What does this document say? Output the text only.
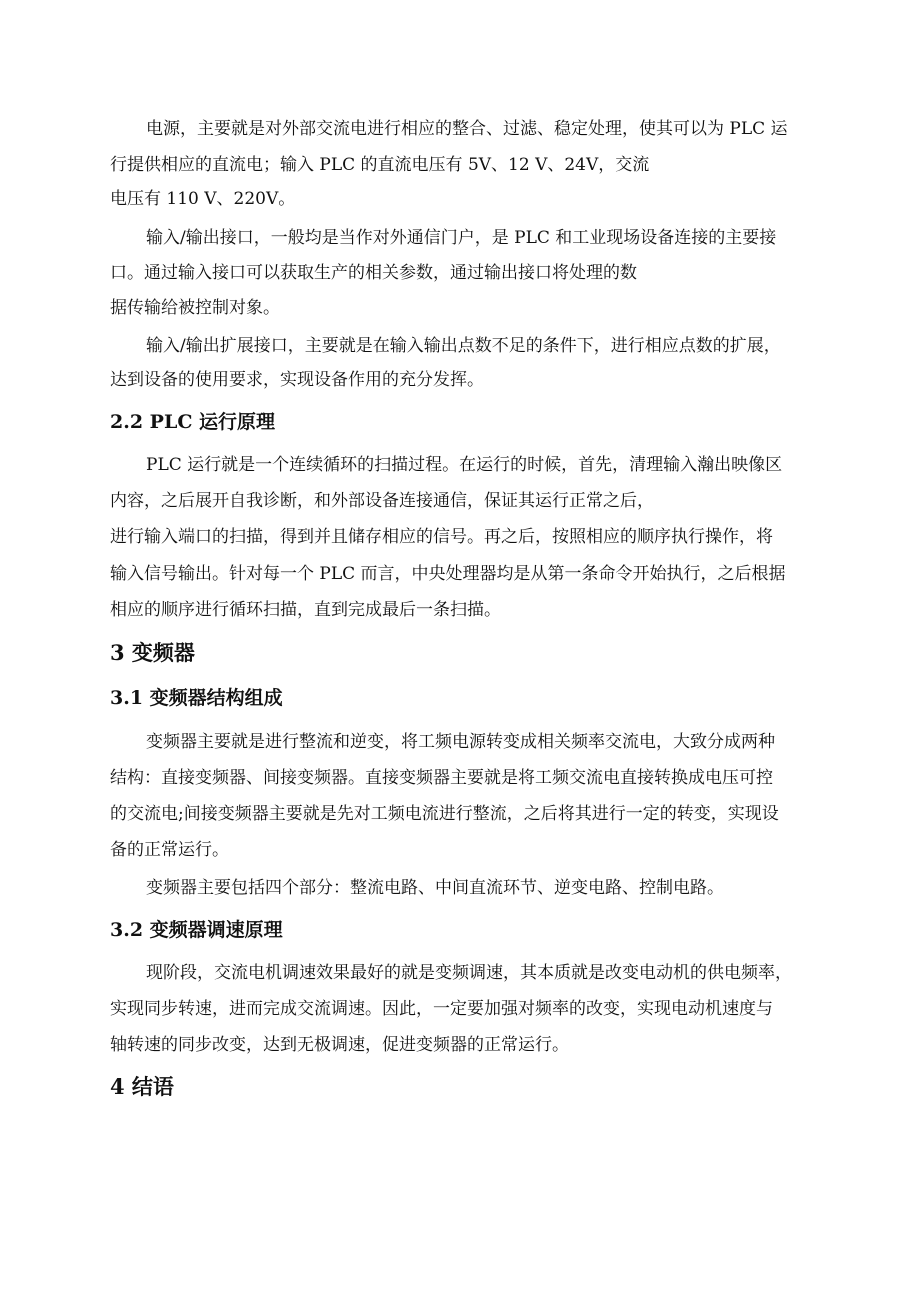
电源，主要就是对外部交流电进行相应的整合、过滤、稳定处理，使其可以为 PLC 运

行提供相应的直流电；输入 PLC 的直流电压有 5V、12 V、24V，交流

电压有 110 V、220V。

输入/输出接口，一般均是当作对外通信门户，是 PLC 和工业现场设备连接的主要接

口。通过输入接口可以获取生产的相关参数，通过输出接口将处理的数

据传输给被控制对象。

输入/输出扩展接口，主要就是在输入输出点数不足的条件下，进行相应点数的扩展，

达到设备的使用要求，实现设备作用的充分发挥。

2.2 PLC 运行原理

PLC 运行就是一个连续循环的扫描过程。在运行的时候，首先，清理输入瀚出映像区

内容，之后展开自我诊断，和外部设备连接通信，保证其运行正常之后，

进行输入端口的扫描，得到并且储存相应的信号。再之后，按照相应的顺序执行操作，将

输入信号输出。针对每一个 PLC 而言，中央处理器均是从第一条命令开始执行，之后根据

相应的顺序进行循环扫描，直到完成最后一条扫描。

3 变频器
3.1 变频器结构组成

变频器主要就是进行整流和逆变，将工频电源转变成相关频率交流电，大致分成两种

结构：直接变频器、间接变频器。直接变频器主要就是将工频交流电直接转换成电压可控

的交流电;间接变频器主要就是先对工频电流进行整流，之后将其进行一定的转变，实现设

备的正常运行。

变频器主要包括四个部分：整流电路、中间直流环节、逆变电路、控制电路。

3.2 变频器调速原理

现阶段，交流电机调速效果最好的就是变频调速，其本质就是改变电动机的供电频率，

实现同步转速，进而完成交流调速。因此，一定要加强对频率的改变，实现电动机速度与

轴转速的同步改变，达到无极调速，促进变频器的正常运行。

4 结语
